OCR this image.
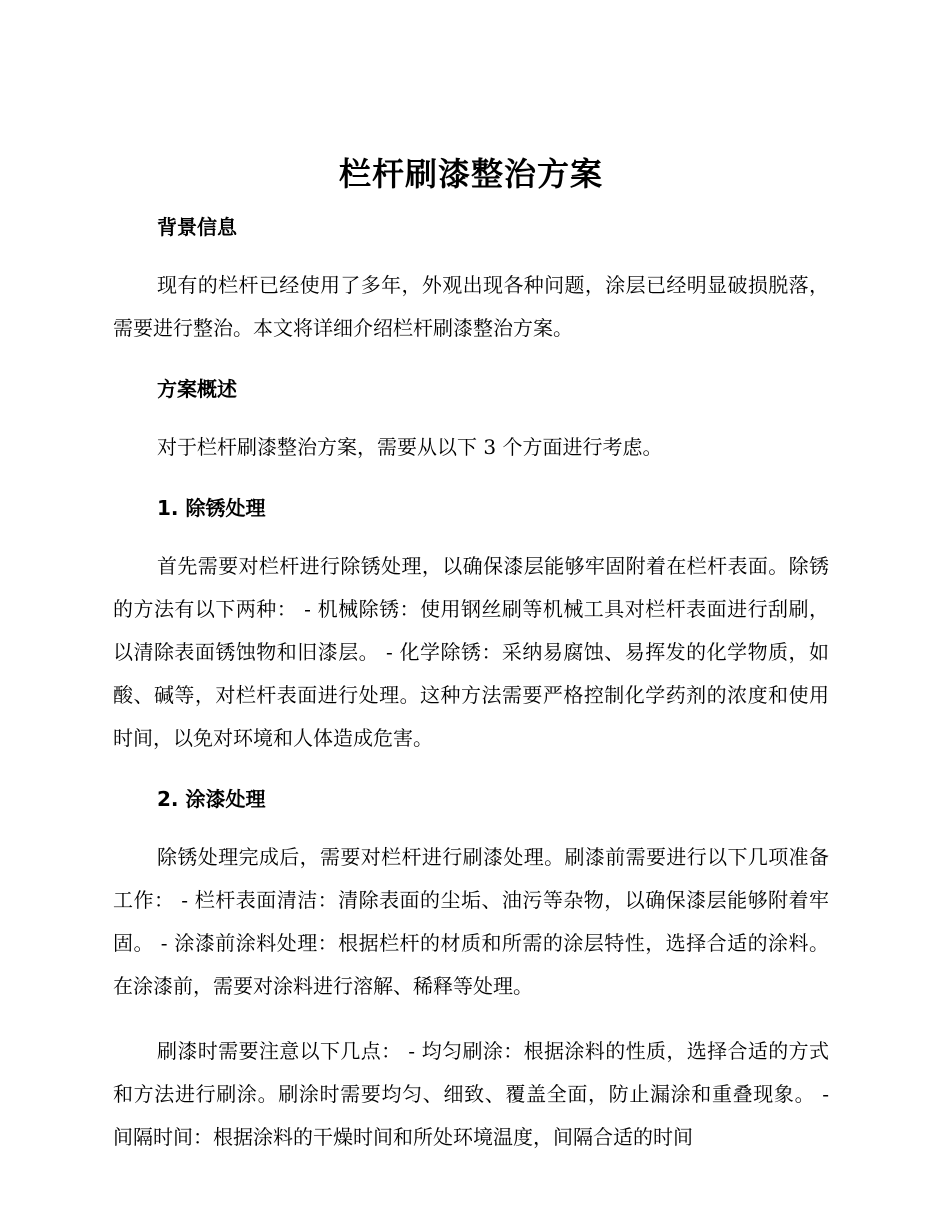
栏杆刷漆整治方案
背景信息

现有的栏杆已经使用了多年，外观出现各种问题，涂层已经明显破损脱落，需要进行整治。本文将详细介绍栏杆刷漆整治方案。

方案概述

对于栏杆刷漆整治方案，需要从以下 3 个方面进行考虑。

1. 除锈处理

首先需要对栏杆进行除锈处理，以确保漆层能够牢固附着在栏杆表面。除锈的方法有以下两种： - 机械除锈：使用钢丝刷等机械工具对栏杆表面进行刮刷，以清除表面锈蚀物和旧漆层。 - 化学除锈：采纳易腐蚀、易挥发的化学物质，如酸、碱等，对栏杆表面进行处理。这种方法需要严格控制化学药剂的浓度和使用时间，以免对环境和人体造成危害。

2. 涂漆处理

除锈处理完成后，需要对栏杆进行刷漆处理。刷漆前需要进行以下几项准备工作： - 栏杆表面清洁：清除表面的尘垢、油污等杂物，以确保漆层能够附着牢固。 - 涂漆前涂料处理：根据栏杆的材质和所需的涂层特性，选择合适的涂料。在涂漆前，需要对涂料进行溶解、稀释等处理。

刷漆时需要注意以下几点： - 均匀刷涂：根据涂料的性质，选择合适的方式和方法进行刷涂。刷涂时需要均匀、细致、覆盖全面，防止漏涂和重叠现象。 - 间隔时间：根据涂料的干燥时间和所处环境温度，间隔合适的时间
